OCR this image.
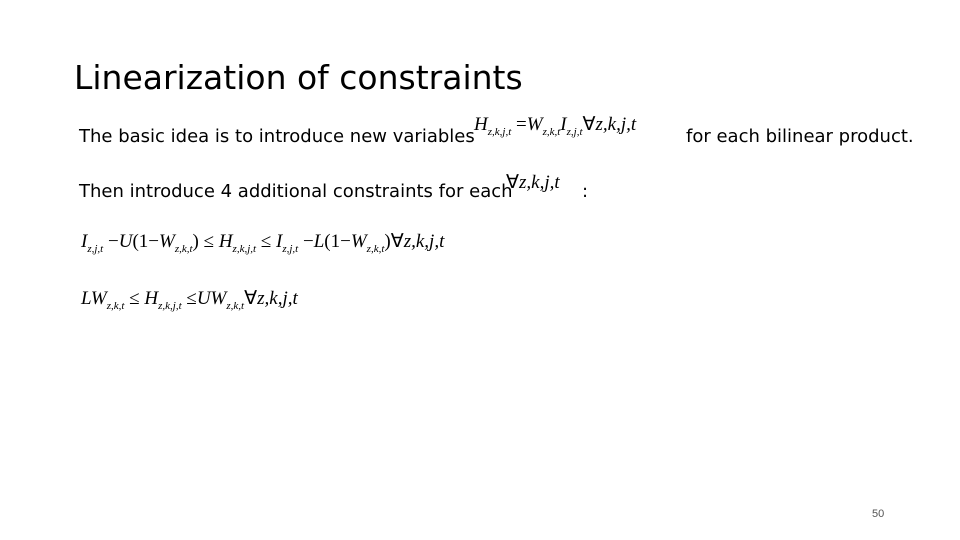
Linearization of constraints
The basic idea is to introduce new variables
$H_{z,k,j,t}$ $=W_{z,k,t}I_{z,j,t}\forall z,k,j,t$
for each bilinear product.
Then introduce 4 additional constraints for each
∀z,k,j,t :
$I_{z,j,t} -U(1-W_{z,k,t}) \le H_{z,k,j,t} \le I_{z,j,t}$ $-L(1-W_{z,k,t})\forall z,k,j,t$
$LW_{z,k,t} \le H_{z,k,j,t}$ $\le UW_{z,k,t}\forall z,k,j,t$
50
